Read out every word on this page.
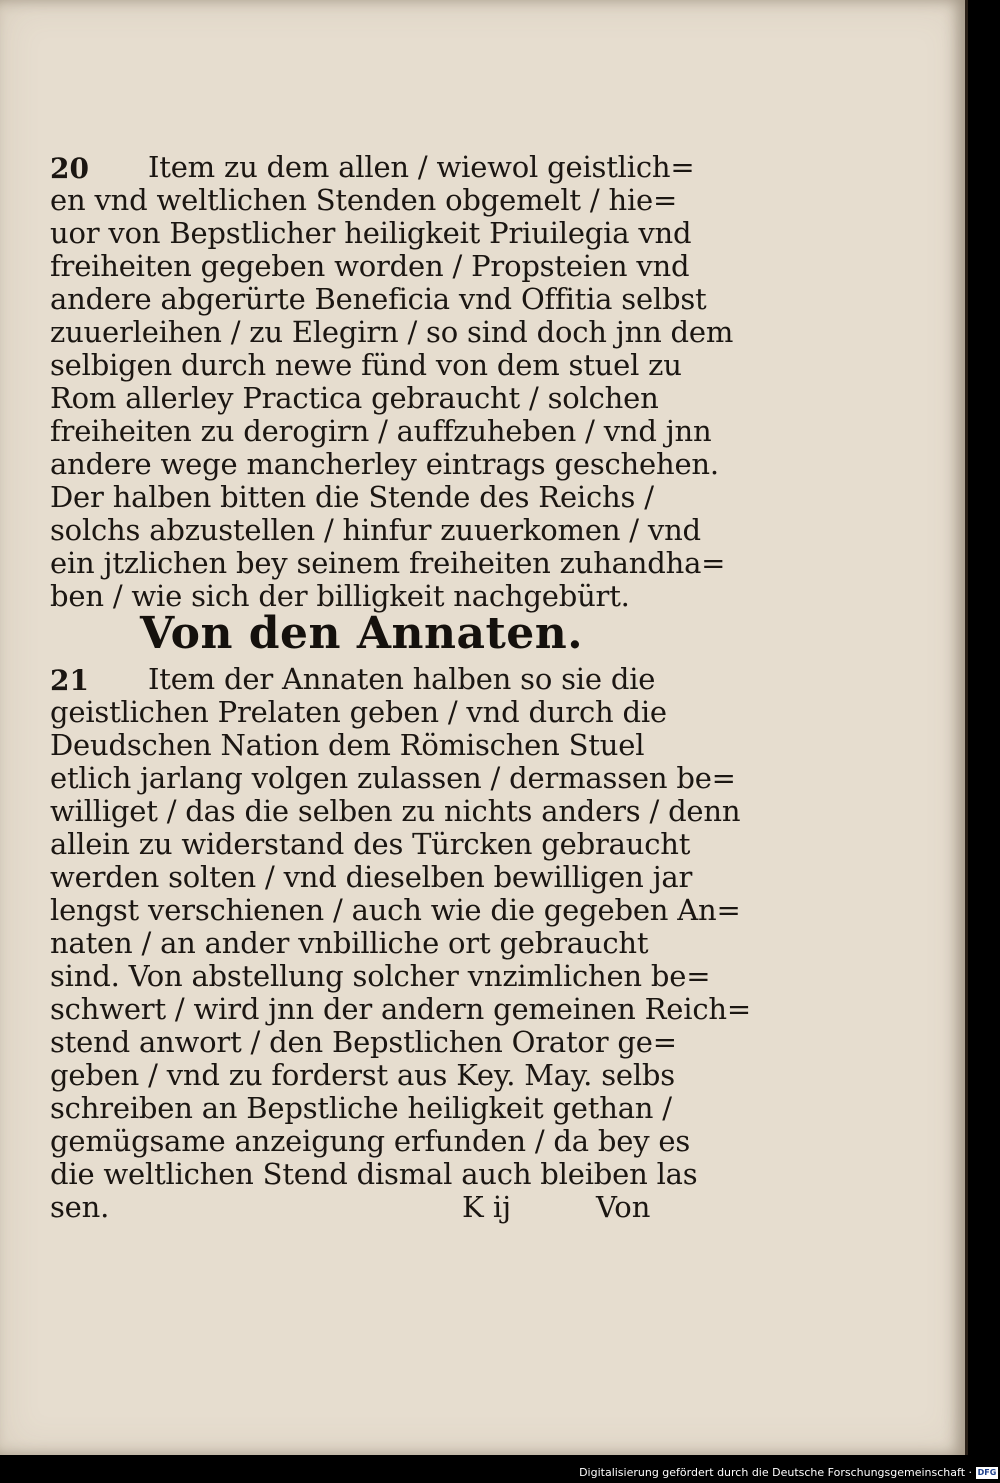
20 Item zu dem allen / wiewol geistlich=
en vnd weltlichen Stenden obgemelt / hie=
uor von Bepstlicher heiligkeit Priuilegia vnd
freiheiten gegeben worden / Propsteien vnd
andere abgerürte Beneficia vnd Offitia selbst
zuuerleihen / zu Elegirn / so sind doch jnn dem
selbigen durch newe fünd von dem stuel zu
Rom allerley Practica gebraucht / solchen
freiheiten zu derogirn / auffzuheben / vnd jnn
andere wege mancherley eintrags geschehen.
Der halben bitten die Stende des Reichs /
solchs abzustellen / hinfur zuuerkomen / vnd
ein jtzlichen bey seinem freiheiten zuhandha=
ben / wie sich der billigkeit nachgebürt.
Von den Annaten.
21 Item der Annaten halben so sie die
geistlichen Prelaten geben / vnd durch die
Deudschen Nation dem Römischen Stuel
etlich jarlang volgen zulassen / dermassen be=
williget / das die selben zu nichts anders / denn
allein zu widerstand des Türcken gebraucht
werden solten / vnd dieselben bewilligen jar
lengst verschienen / auch wie die gegeben An=
naten / an ander vnbilliche ort gebraucht
sind. Von abstellung solcher vnzimlichen be=
schwert / wird jnn der andern gemeinen Reich=
stend anwort / den Bepstlichen Orator ge=
geben / vnd zu forderst aus Key. May. selbs
schreiben an Bepstliche heiligkeit gethan /
gemügsame anzeigung erfunden / da bey es
die weltlichen Stend dismal auch bleiben las
sen.	K ij	Von
Digitalisierung gefördert durch die Deutsche Forschungsgemeinschaft · DFG
